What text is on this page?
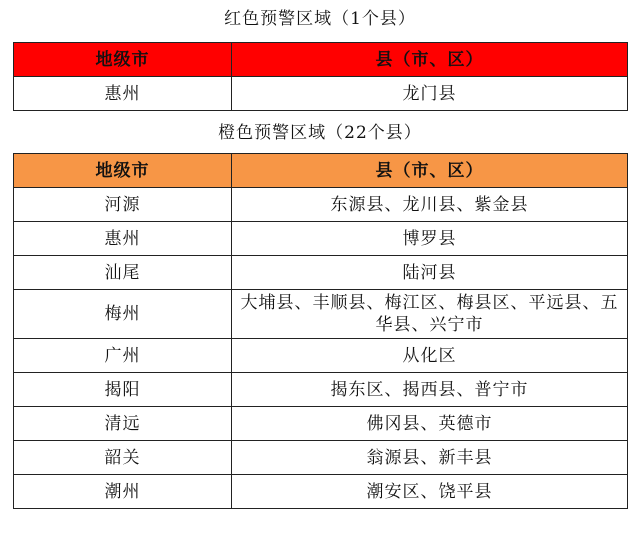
红色预警区域（1个县）
地级市	县（市、区）
惠州	龙门县
橙色预警区域（22个县）
地级市	县（市、区）
河源	东源县、龙川县、紫金县
惠州	博罗县
汕尾	陆河县
梅州	大埔县、丰顺县、梅江区、梅县区、平远县、五华县、兴宁市
广州	从化区
揭阳	揭东区、揭西县、普宁市
清远	佛冈县、英德市
韶关	翁源县、新丰县
潮州	潮安区、饶平县
